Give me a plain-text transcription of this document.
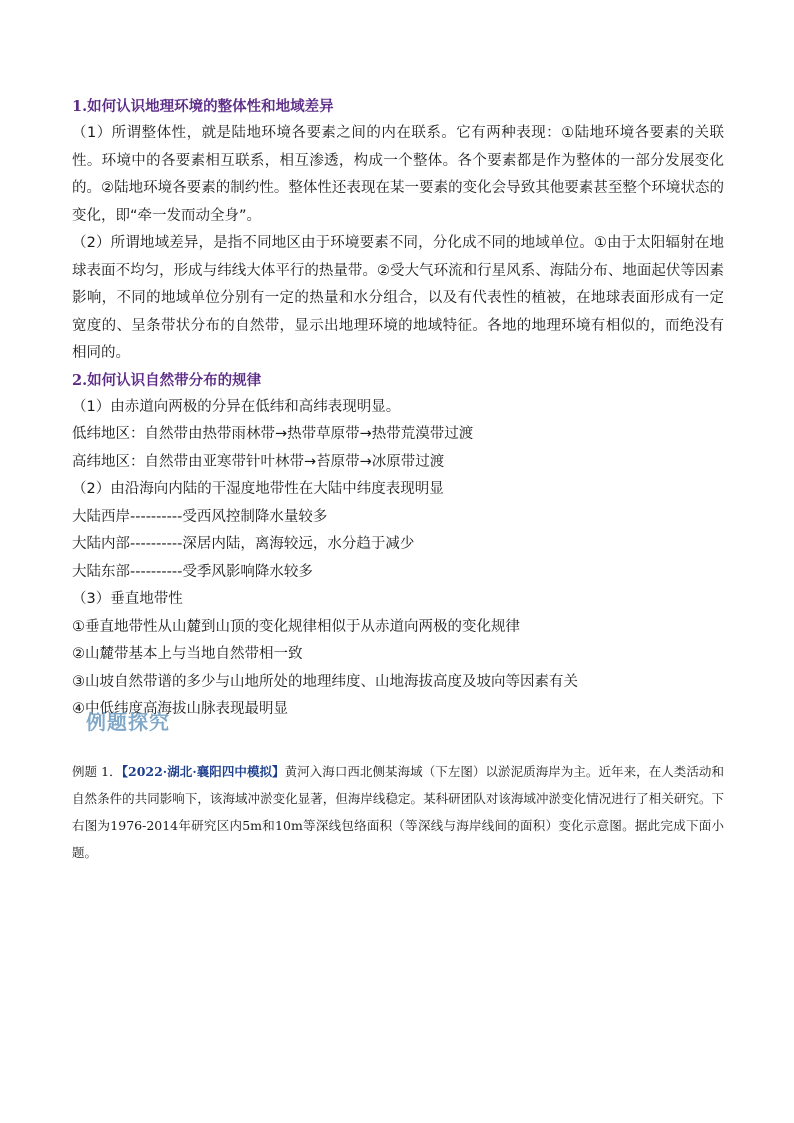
1.如何认识地理环境的整体性和地域差异

（1）所谓整体性，就是陆地环境各要素之间的内在联系。它有两种表现：①陆地环境各要素的关联性。环境中的各要素相互联系，相互渗透，构成一个整体。各个要素都是作为整体的一部分发展变化的。②陆地环境各要素的制约性。整体性还表现在某一要素的变化会导致其他要素甚至整个环境状态的变化，即“牵一发而动全身”。

（2）所谓地域差异，是指不同地区由于环境要素不同，分化成不同的地域单位。①由于太阳辐射在地球表面不均匀，形成与纬线大体平行的热量带。②受大气环流和行星风系、海陆分布、地面起伏等因素影响，不同的地域单位分别有一定的热量和水分组合，以及有代表性的植被，在地球表面形成有一定宽度的、呈条带状分布的自然带，显示出地理环境的地域特征。各地的地理环境有相似的，而绝没有相同的。

2.如何认识自然带分布的规律

（1）由赤道向两极的分异在低纬和高纬表现明显。

低纬地区：自然带由热带雨林带→热带草原带→热带荒漠带过渡

高纬地区：自然带由亚寒带针叶林带→苔原带→冰原带过渡

（2）由沿海向内陆的干湿度地带性在大陆中纬度表现明显

大陆西岸----------受西风控制降水量较多

大陆内部----------深居内陆，离海较远，水分趋于减少

大陆东部----------受季风影响降水较多

（3）垂直地带性

①垂直地带性从山麓到山顶的变化规律相似于从赤道向两极的变化规律

②山麓带基本上与当地自然带相一致

③山坡自然带谱的多少与山地所处的地理纬度、山地海拔高度及坡向等因素有关

④中低纬度高海拔山脉表现最明显

例题探究
例题 1．【2022·湖北·襄阳四中模拟】黄河入海口西北侧某海域（下左图）以淤泥质海岸为主。近年来，在人类活动和自然条件的共同影响下，该海域冲淤变化显著，但海岸线稳定。某科研团队对该海域冲淤变化情况进行了相关研究。下右图为1976-2014年研究区内5m和10m等深线包络面积（等深线与海岸线间的面积）变化示意图。据此完成下面小题。
